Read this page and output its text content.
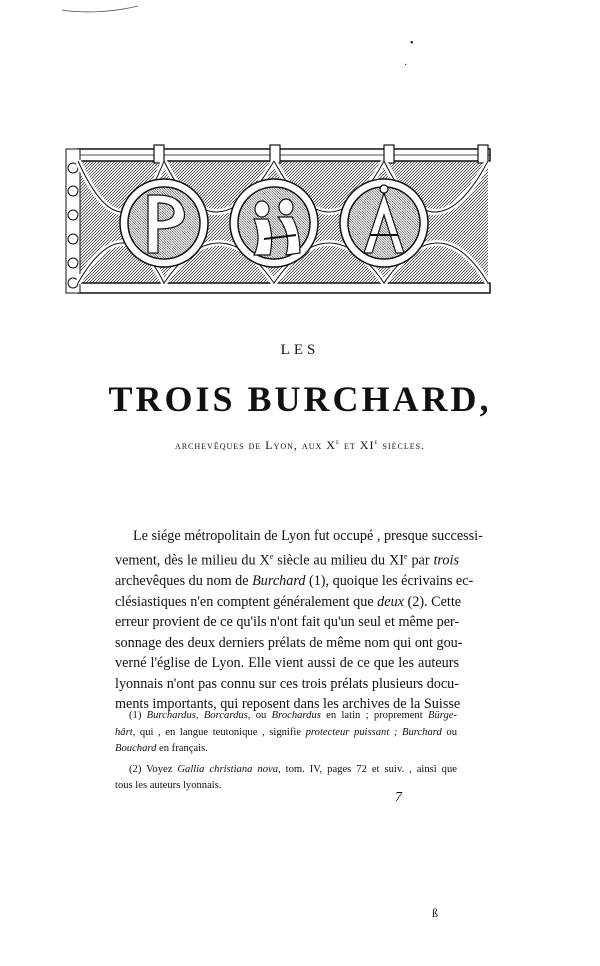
•
·
ß
LES
TROIS BURCHARD,
archevêques de Lyon, aux Xe et XIe siècles.
Le siége métropolitain de Lyon fut occupé , presque successi-
vement, dès le milieu du Xe siècle au milieu du XIe par trois
archevêques du nom de Burchard (1), quoique les écrivains ec-
clésiastiques n'en comptent généralement que deux (2). Cette
erreur provient de ce qu'ils n'ont fait qu'un seul et même per-
sonnage des deux derniers prélats de même nom qui ont gou-
verné l'église de Lyon. Elle vient aussi de ce que les auteurs
lyonnais n'ont pas connu sur ces trois prélats plusieurs docu-
ments importants, qui reposent dans les archives de la Suisse
(1) Burchardus, Borcardus, ou Brochardus en latin ; proprement Bürge-
hârt, qui , en langue teutonique , signifie protecteur puissant ; Burchard ou
Bouchard en français.
(2) Voyez Gallia christiana nova, tom. IV, pages 72 et suiv. , ainsi que
tous les auteurs lyonnais.
7
